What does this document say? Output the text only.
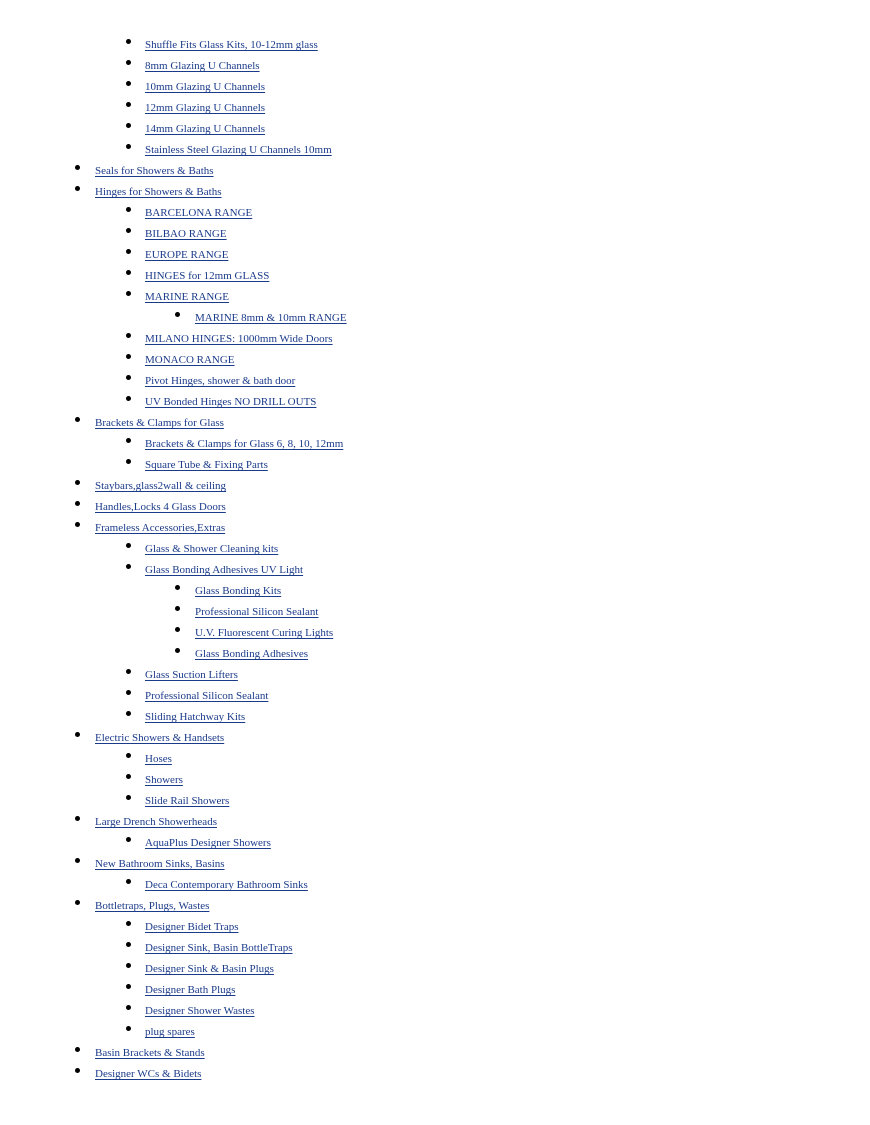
Shuffle Fits Glass Kits, 10-12mm glass
8mm Glazing U Channels
10mm Glazing U Channels
12mm Glazing U Channels
14mm Glazing U Channels
Stainless Steel Glazing U Channels 10mm
Seals for Showers & Baths
Hinges for Showers & Baths
BARCELONA RANGE
BILBAO RANGE
EUROPE RANGE
HINGES for 12mm GLASS
MARINE RANGE
MARINE 8mm & 10mm RANGE
MILANO HINGES: 1000mm Wide Doors
MONACO RANGE
Pivot Hinges, shower & bath door
UV Bonded Hinges NO DRILL OUTS
Brackets & Clamps for Glass
Brackets & Clamps for Glass 6, 8, 10, 12mm
Square Tube & Fixing Parts
Staybars,glass2wall & ceiling
Handles,Locks 4 Glass Doors
Frameless Accessories,Extras
Glass & Shower Cleaning kits
Glass Bonding Adhesives UV Light
Glass Bonding Kits
Professional Silicon Sealant
U.V. Fluorescent Curing Lights
Glass Bonding Adhesives
Glass Suction Lifters
Professional Silicon Sealant
Sliding Hatchway Kits
Electric Showers & Handsets
Hoses
Showers
Slide Rail Showers
Large Drench Showerheads
AquaPlus Designer Showers
New Bathroom Sinks, Basins
Deca Contemporary Bathroom Sinks
Bottletraps, Plugs, Wastes
Designer Bidet Traps
Designer Sink, Basin BottleTraps
Designer Sink & Basin Plugs
Designer Bath Plugs
Designer Shower Wastes
plug spares
Basin Brackets & Stands
Designer WCs & Bidets
